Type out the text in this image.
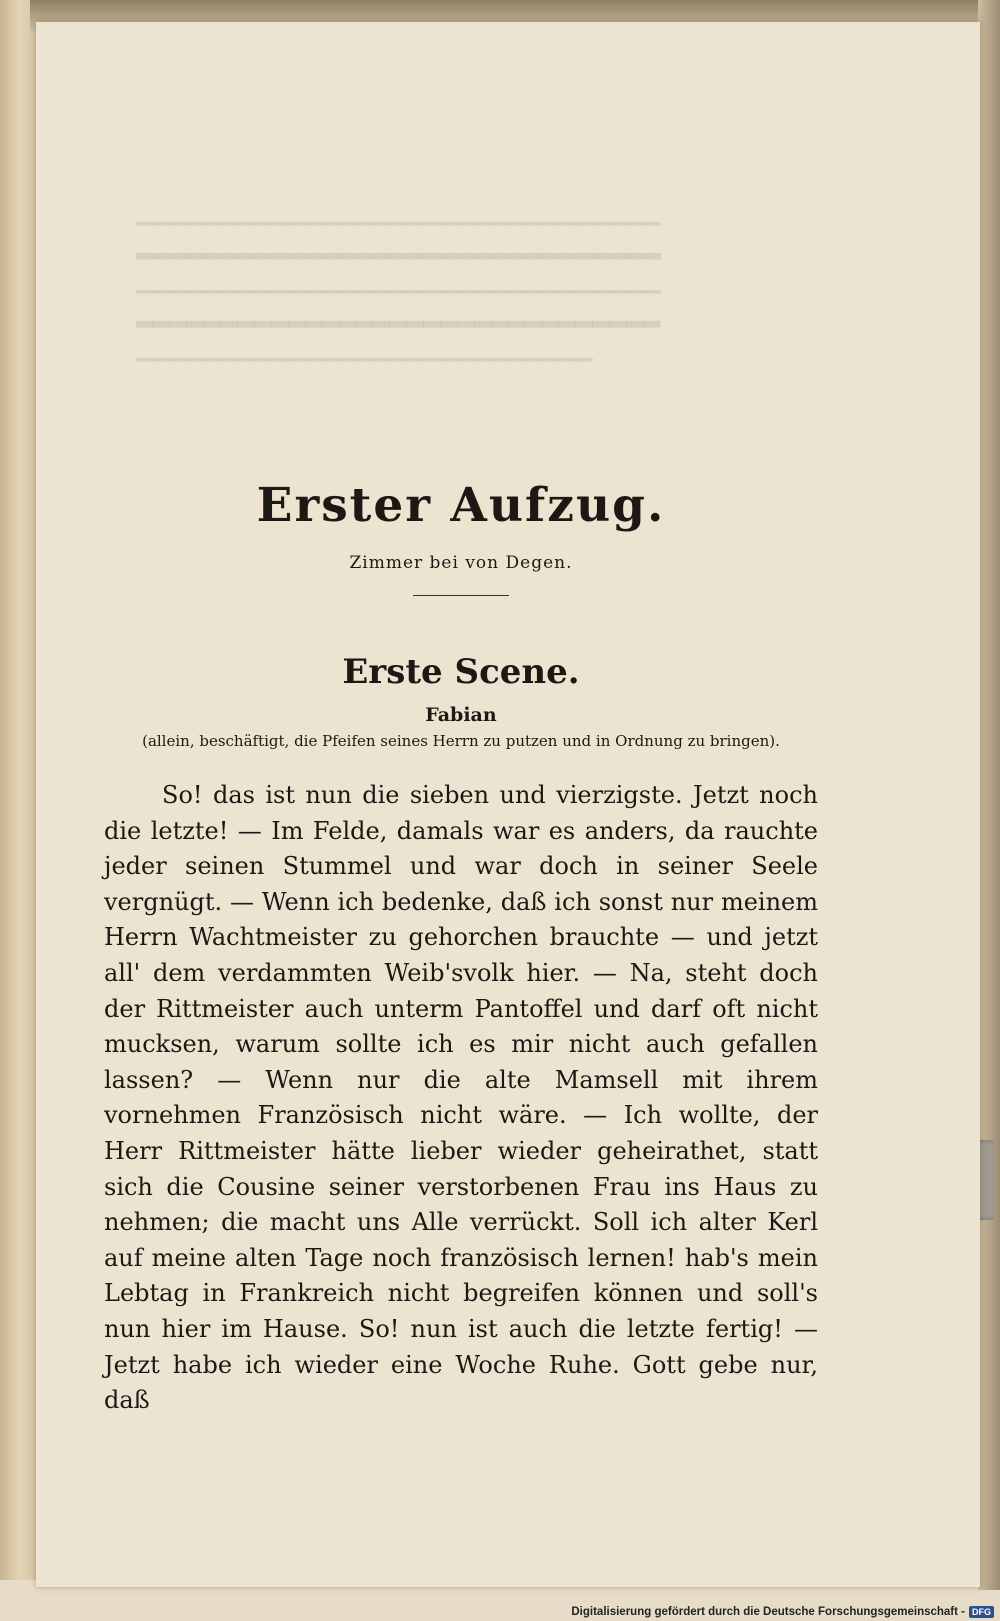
▁▁▁▁▁▁▁▁▁▁▁▁▁▁▁▁▁▁▁▁▁▁▁▁▁▁▁▁▁▁▁
▂▂▂▂▂▂▂▂▂▂▂▂▂▂▂▂▂▂▂▂▂▂▂▂▂▂▂▂▂▂▂
▁▁▁▁▁▁▁▁▁▁▁▁▁▁▁▁▁▁▁▁▁▁▁▁▁▁▁▁▁▁▁
▂▂▂▂▂▂▂▂▂▂▂▂▂▂▂▂▂▂▂▂▂▂▂▂▂▂▂▂▂▂▂
▁▁▁▁▁▁▁▁▁▁▁▁▁▁▁▁▁▁▁▁▁▁▁▁▁▁▁
Erster Aufzug.
Zimmer bei von Degen.
Erste Scene.
Fabian
(allein, beschäftigt, die Pfeifen seines Herrn zu putzen und in Ordnung zu bringen).

So! das ist nun die sieben und vierzigste. Jetzt noch die letzte! — Im Felde, damals war es anders, da rauchte jeder seinen Stummel und war doch in seiner Seele vergnügt. — Wenn ich bedenke, daß ich sonst nur meinem Herrn Wachtmeister zu gehorchen brauchte — und jetzt all' dem verdammten Weib'svolk hier. — Na, steht doch der Rittmeister auch unterm Pantoffel und darf oft nicht mucksen, warum sollte ich es mir nicht auch gefallen lassen? — Wenn nur die alte Mamsell mit ihrem vornehmen Französisch nicht wäre. — Ich wollte, der Herr Rittmeister hätte lieber wieder geheirathet, statt sich die Cousine seiner verstorbenen Frau ins Haus zu nehmen; die macht uns Alle verrückt. Soll ich alter Kerl auf meine alten Tage noch französisch lernen! hab's mein Lebtag in Frankreich nicht begreifen können und soll's nun hier im Hause. So! nun ist auch die letzte fertig! — Jetzt habe ich wieder eine Woche Ruhe. Gott gebe nur, daß

Digitalisierung gefördert durch die Deutsche Forschungsgemeinschaft - DFG
